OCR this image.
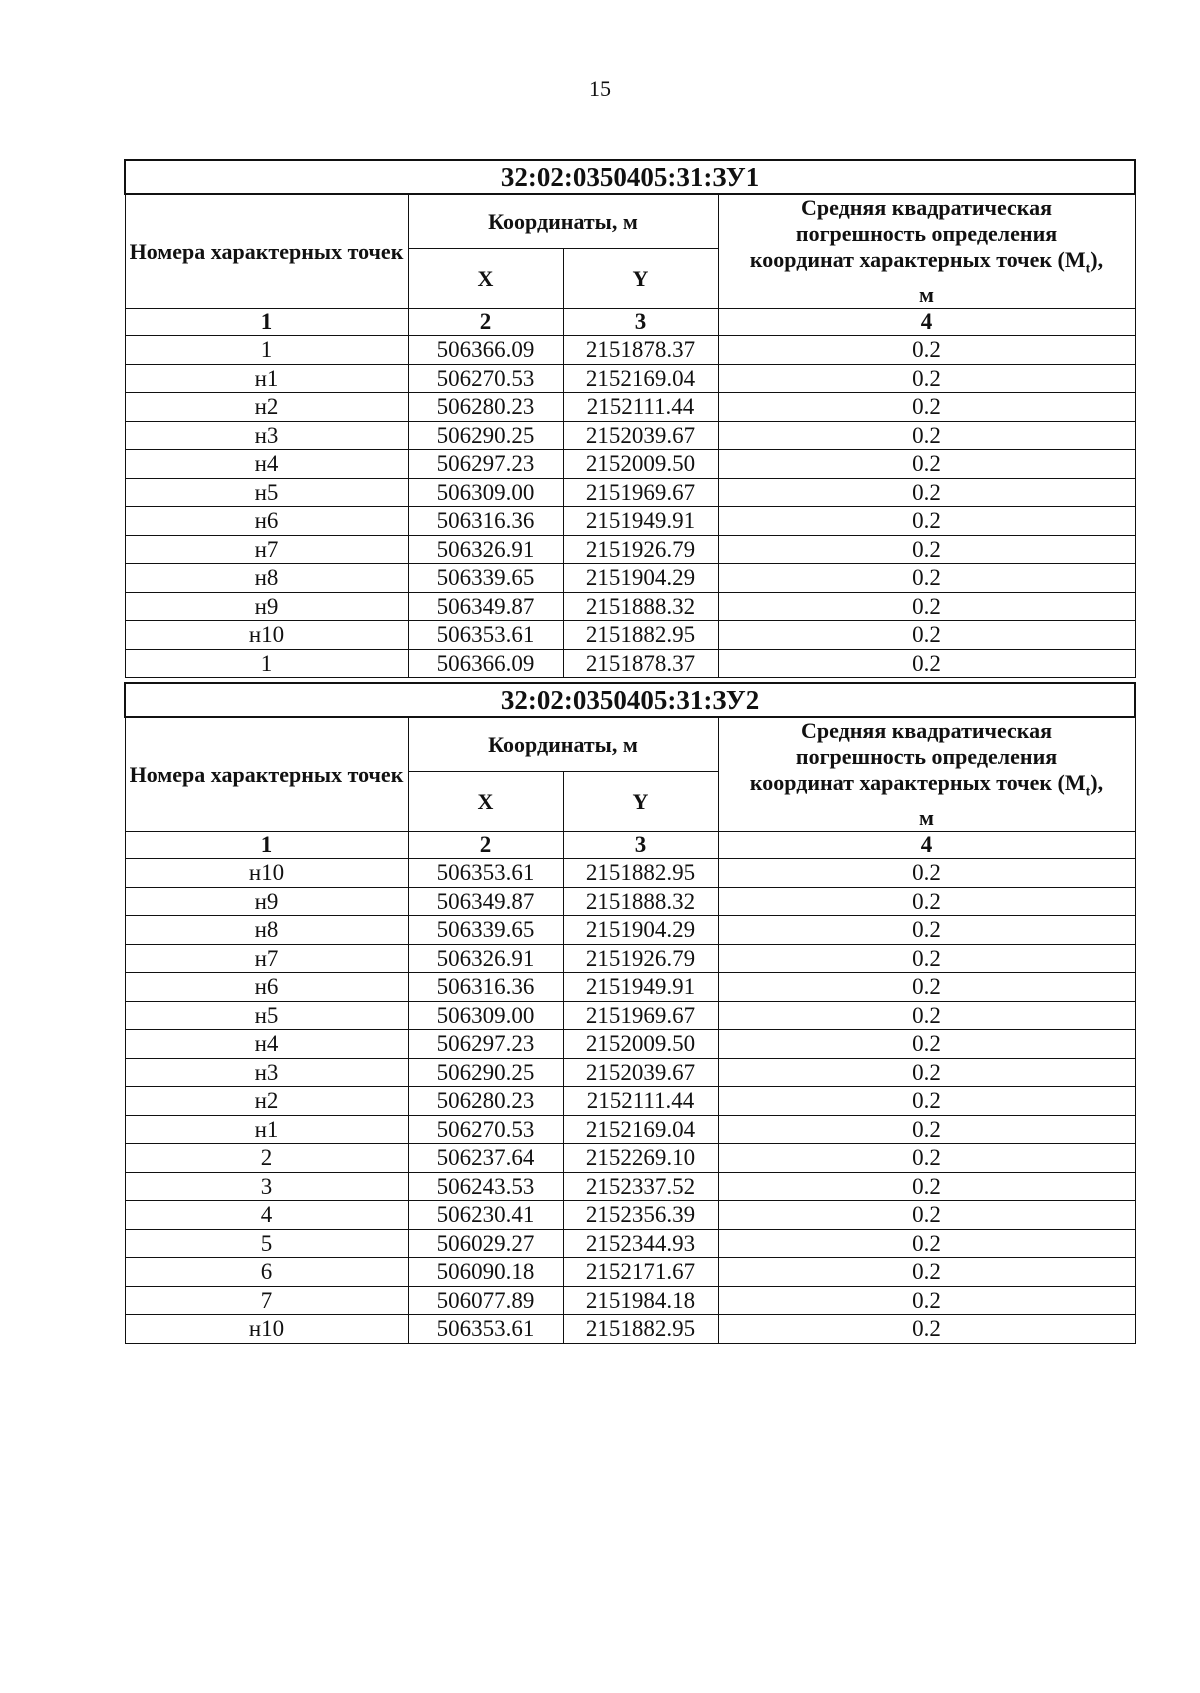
15
32:02:0350405:31:ЗУ1			
Номера характерных точек	Координаты, м		Средняя квадратическая
погрешность определения
координат характерных точек $(M_t)$,
м
	X	Y	
1	2	3	4
1	506366.09	2151878.37	0.2
н1	506270.53	2152169.04	0.2
н2	506280.23	2152111.44	0.2
н3	506290.25	2152039.67	0.2
н4	506297.23	2152009.50	0.2
н5	506309.00	2151969.67	0.2
н6	506316.36	2151949.91	0.2
н7	506326.91	2151926.79	0.2
н8	506339.65	2151904.29	0.2
н9	506349.87	2151888.32	0.2
н10	506353.61	2151882.95	0.2
1	506366.09	2151878.37	0.2
32:02:0350405:31:ЗУ2			
Номера характерных точек	Координаты, м		Средняя квадратическая
погрешность определения
координат характерных точек $(M_t)$,
м
	X	Y	
1	2	3	4
н10	506353.61	2151882.95	0.2
н9	506349.87	2151888.32	0.2
н8	506339.65	2151904.29	0.2
н7	506326.91	2151926.79	0.2
н6	506316.36	2151949.91	0.2
н5	506309.00	2151969.67	0.2
н4	506297.23	2152009.50	0.2
н3	506290.25	2152039.67	0.2
н2	506280.23	2152111.44	0.2
н1	506270.53	2152169.04	0.2
2	506237.64	2152269.10	0.2
3	506243.53	2152337.52	0.2
4	506230.41	2152356.39	0.2
5	506029.27	2152344.93	0.2
6	506090.18	2152171.67	0.2
7	506077.89	2151984.18	0.2
н10	506353.61	2151882.95	0.2
